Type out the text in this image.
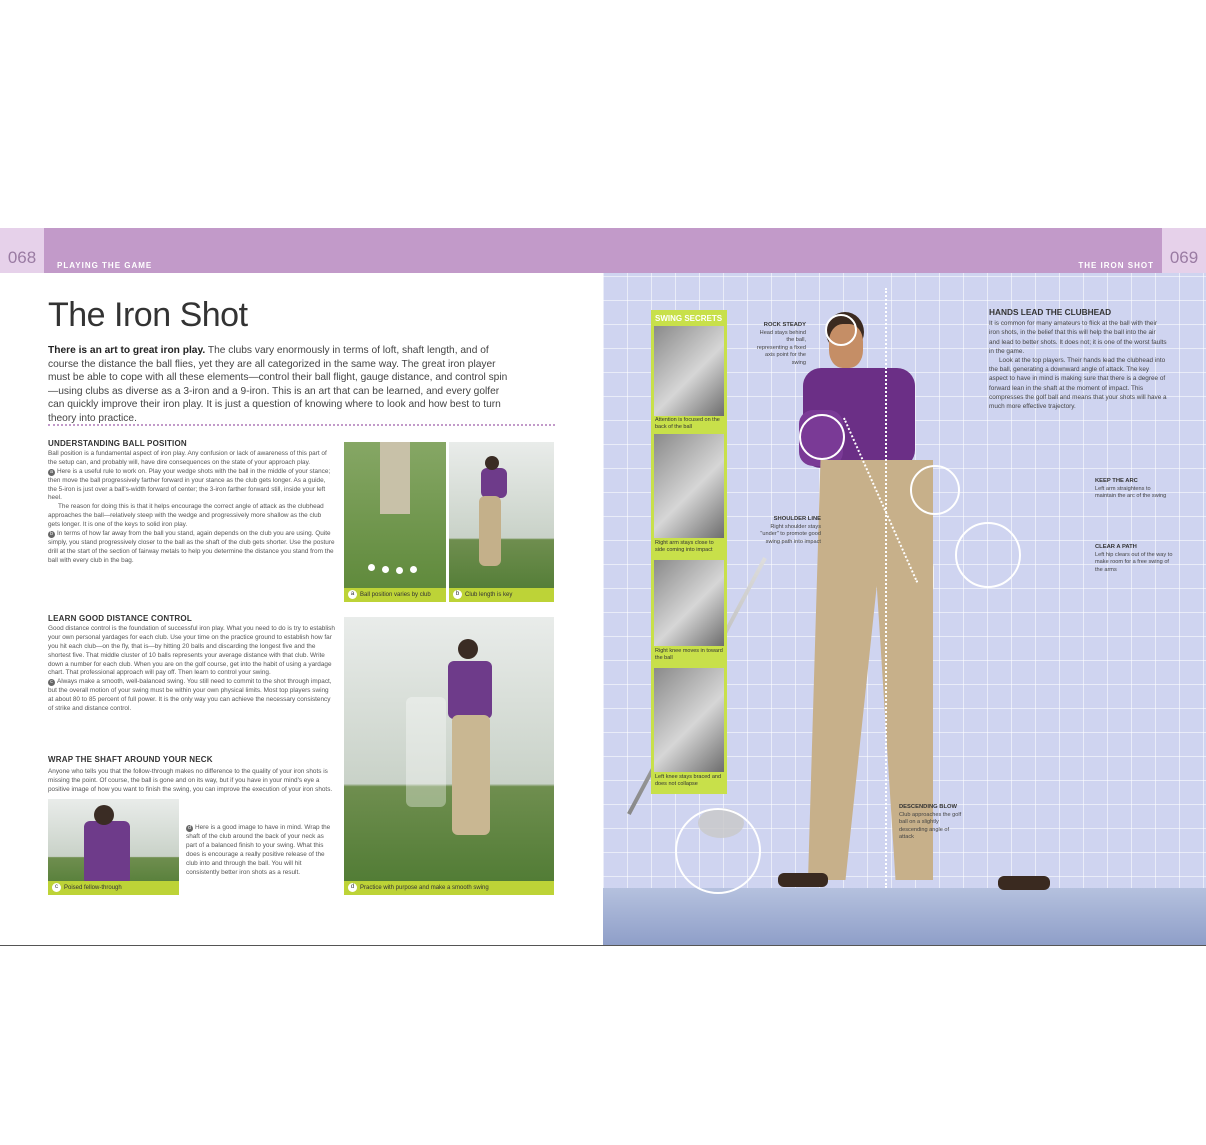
068	PLAYING THE GAME
The Iron Shot

There is an art to great iron play. The clubs vary enormously in terms of loft, shaft length, and of course the distance the ball flies, yet they are all categorized in the same way. The great iron player must be able to cope with all these elements—control their ball flight, gauge distance, and control spin—using clubs as diverse as a 3-iron and a 9-iron. This is an art that can be learned, and every golfer can quickly improve their iron play. It is just a question of knowing where to look and how best to turn theory into practice.

UNDERSTANDING BALL POSITION

Ball position is a fundamental aspect of iron play. Any confusion or lack of awareness of this part of the setup can, and probably will, have dire consequences on the state of your approach play.

a Here is a useful rule to work on. Play your wedge shots with the ball in the middle of your stance; then move the ball progressively farther forward in your stance as the club gets longer. As a guide, the 5-iron is just over a ball's-width forward of center; the 3-iron farther forward still, inside your left heel.

The reason for doing this is that it helps encourage the correct angle of attack as the clubhead approaches the ball—relatively steep with the wedge and progressively more shallow as the club gets longer. It is one of the keys to solid iron play.

b In terms of how far away from the ball you stand, again depends on the club you are using. Quite simply, you stand progressively closer to the ball as the shaft of the club gets shorter. Use the posture drill at the start of the section of fairway metals to help you determine the distance you stand from the ball with every club in the bag.

LEARN GOOD DISTANCE CONTROL

Good distance control is the foundation of successful iron play. What you need to do is try to establish your own personal yardages for each club. Use your time on the practice ground to establish how far you hit each club—on the fly, that is—by hitting 20 balls and discarding the longest five and the shortest five. That middle cluster of 10 balls represents your average distance with that club. Write down a number for each club. When you are on the golf course, get into the habit of using a yardage chart. That professional approach will pay off. Then learn to control your swing.

c Always make a smooth, well-balanced swing. You still need to commit to the shot through impact, but the overall motion of your swing must be within your own physical limits. Most top players swing at about 80 to 85 percent of full power. It is the only way you can achieve the necessary consistency of strike and distance control.

WRAP THE SHAFT AROUND YOUR NECK

Anyone who tells you that the follow-through makes no difference to the quality of your iron shots is missing the point. Of course, the ball is gone and on its way, but if you have in your mind's eye a positive image of how you want to finish the swing, you can improve the execution of your iron shots.

d Here is a good image to have in mind. Wrap the shaft of the club around the back of your neck as part of a balanced finish to your swing. What this does is encourage a really positive release of the club into and through the ball. You will hit consistently better iron shots as a result.

c Poised fellow-through
a Ball position varies by club	b Club length is key
d Practice with purpose and make a smooth swing
069
THE IRON SHOT
SWING SECRETS
Attention is focused on the back of the ball
Right arm stays close to side coming into impact
Right knee moves in toward the ball
Left knee stays braced and does not collapse
ROCK STEADY
Head stays behind the ball, representing a fixed axis point for the swing
SHOULDER LINE
Right shoulder stays "under" to promote good swing path into impact
KEEP THE ARC
Left arm straightens to maintain the arc of the swing
CLEAR A PATH
Left hip clears out of the way to make room for a free swing of the arms
DESCENDING BLOW
Club approaches the golf ball on a slightly descending angle of attack
HANDS LEAD THE CLUBHEAD

It is common for many amateurs to flick at the ball with their iron shots, in the belief that this will help the ball into the air and lead to better shots. It does not; it is one of the worst faults in the game.

Look at the top players. Their hands lead the clubhead into the ball, generating a downward angle of attack. The key aspect to have in mind is making sure that there is a degree of forward lean in the shaft at the moment of impact. This compresses the golf ball and means that your shots will have a much more effective trajectory.
